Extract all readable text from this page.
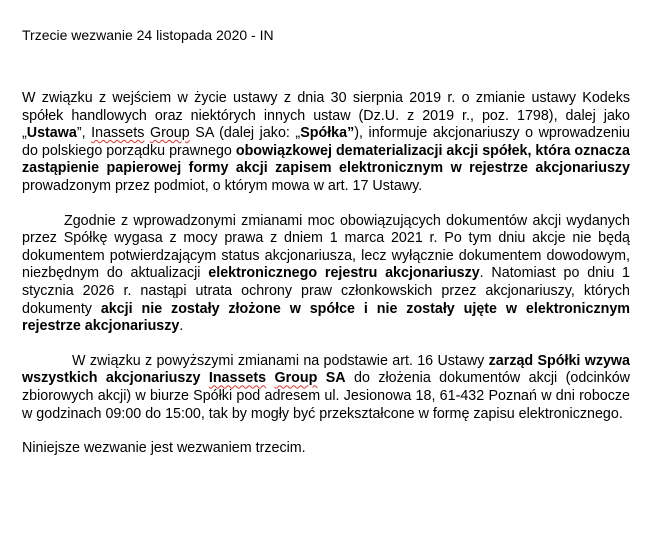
Trzecie wezwanie 24 listopada 2020 - IN

W związku z wejściem w życie ustawy z dnia 30 sierpnia 2019 r. o zmianie ustawy Kodeks spółek handlowych oraz niektórych innych ustaw (Dz.U. z 2019 r., poz. 1798), dalej jako „Ustawa”, Inassets Group SA (dalej jako: „Spółka”), informuje akcjonariuszy o wprowadzeniu do polskiego porządku prawnego obowiązkowej dematerializacji akcji spółek, która oznacza zastąpienie papierowej formy akcji zapisem elektronicznym w rejestrze akcjonariuszy prowadzonym przez podmiot, o którym mowa w art. 17 Ustawy.

Zgodnie z wprowadzonymi zmianami moc obowiązujących dokumentów akcji wydanych przez Spółkę wygasa z mocy prawa z dniem 1 marca 2021 r. Po tym dniu akcje nie będą dokumentem potwierdzającym status akcjonariusza, lecz wyłącznie dokumentem dowodowym, niezbędnym do aktualizacji elektronicznego rejestru akcjonariuszy. Natomiast po dniu 1 stycznia 2026 r. nastąpi utrata ochrony praw członkowskich przez akcjonariuszy, których dokumenty akcji nie zostały złożone w spółce i nie zostały ujęte w elektronicznym rejestrze akcjonariuszy.

W związku z powyższymi zmianami na podstawie art. 16 Ustawy zarząd Spółki wzywa wszystkich akcjonariuszy Inassets Group SA do złożenia dokumentów akcji (odcinków zbiorowych akcji) w biurze Spółki pod adresem ul. Jesionowa 18, 61-432 Poznań w dni robocze w godzinach 09:00 do 15:00, tak by mogły być przekształcone w formę zapisu elektronicznego.

Niniejsze wezwanie jest wezwaniem trzecim.
